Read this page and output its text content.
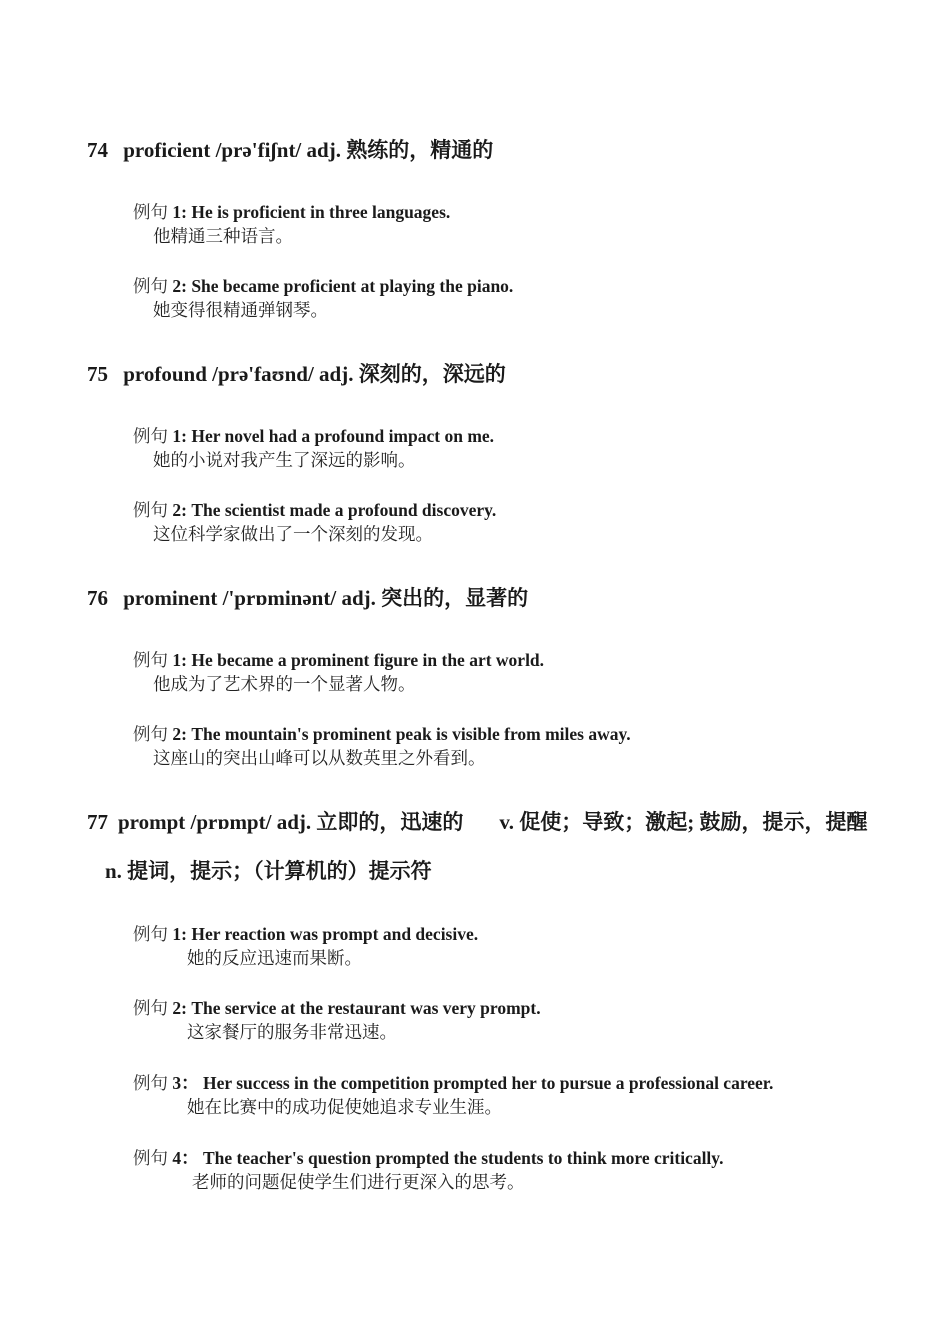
74 proficient /prə'fiʃnt/ adj. 熟练的，精通的
例句 1: He is proficient in three languages.
他精通三种语言。
例句 2: She became proficient at playing the piano.
她变得很精通弹钢琴。
75 profound /prə'faʊnd/ adj. 深刻的，深远的
例句 1: Her novel had a profound impact on me.
她的小说对我产生了深远的影响。
例句 2: The scientist made a profound discovery.
这位科学家做出了一个深刻的发现。
76 prominent /'prɒminənt/ adj. 突出的，显著的
例句 1: He became a prominent figure in the art world.
他成为了艺术界的一个显著人物。
例句 2: The mountain's prominent peak is visible from miles away.
这座山的突出山峰可以从数英里之外看到。
77 prompt /prɒmpt/ adj. 立即的，迅速的 v. 促使；导致；激起; 鼓励，提示，提醒n. 提词，提示；（计算机的）提示符
例句 1: Her reaction was prompt and decisive.
她的反应迅速而果断。
例句 2: The service at the restaurant was very prompt.
这家餐厅的服务非常迅速。
例句 3： Her success in the competition prompted her to pursue a professional career.
她在比赛中的成功促使她追求专业生涯。
例句 4： The teacher's question prompted the students to think more critically.
老师的问题促使学生们进行更深入的思考。
